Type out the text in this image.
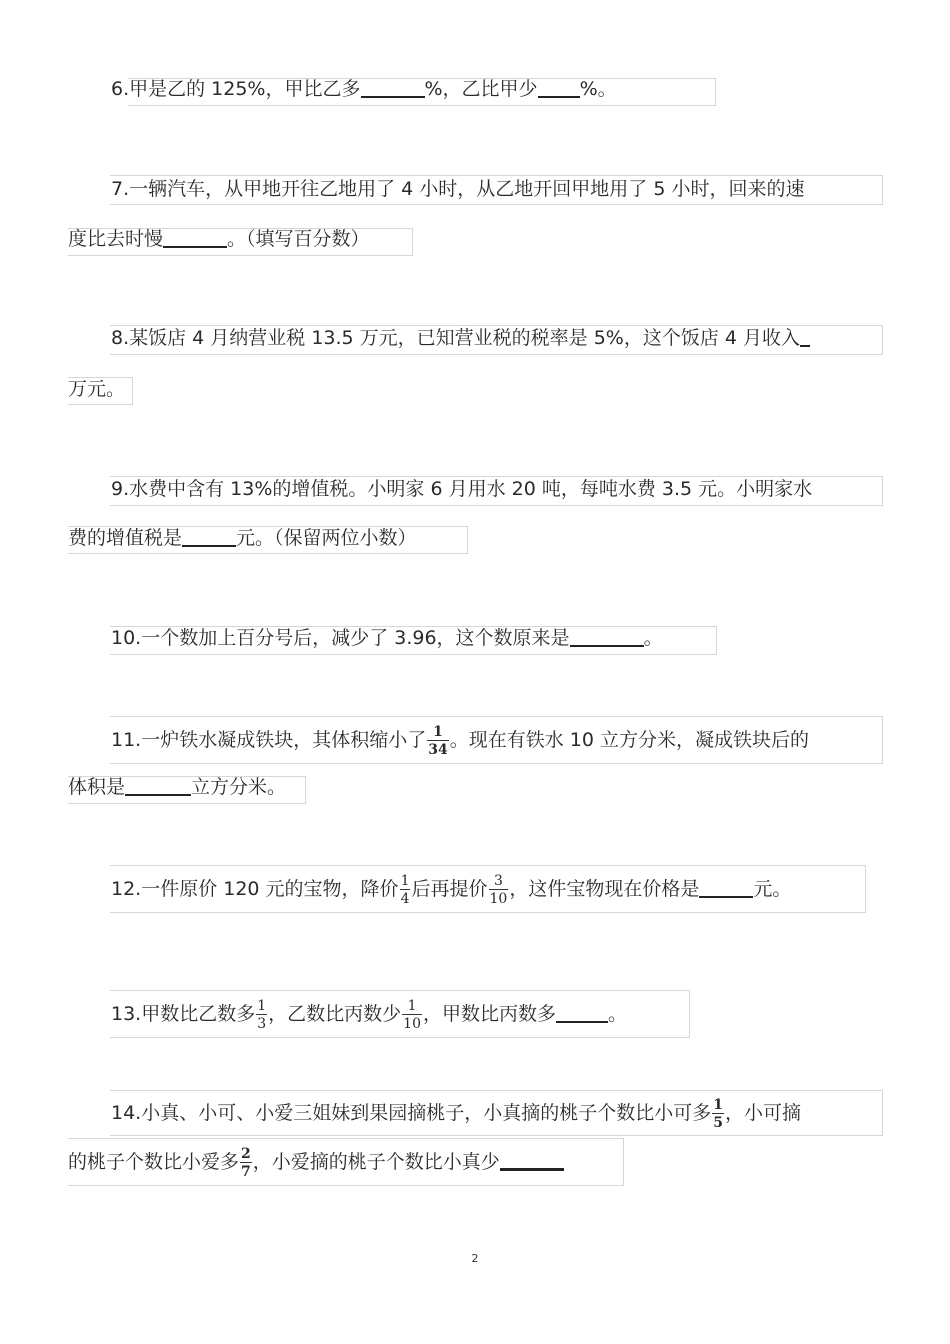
6.甲是乙的 125%，甲比乙多	%，乙比甲少 %。
7.一辆汽车，从甲地开往乙地用了 4 小时，从乙地开回甲地用了 5 小时，回来的速
度比去时慢	。（填写百分数）
8.某饭店 4 月纳营业税 13.5 万元，已知营业税的税率是 5%，这个饭店 4 月收入
万元。
9.水费中含有 13%的增值税。小明家 6 月用水 20 吨，每吨水费 3.5 元。小明家水
费的增值税是	元。（保留两位小数）
10.一个数加上百分号后，减少了 3.96，这个数原来是	。
11.一炉铁水凝成铁块，其体积缩小了 $\frac{1}{34}$ 。现在有铁水 10 立方分米，凝成铁块后的
体积是	立方分米。
12.一件原价 120 元的宝物，降价 $\frac{1}{4}$ 后再提价 $\frac{3}{10}$ ，这件宝物现在价格是	元。
13.甲数比乙数多 $\frac{1}{3}$ ，乙数比丙数少 $\frac{1}{10}$ ，甲数比丙数多	。
14.小真、小可、小爱三姐妹到果园摘桃子，小真摘的桃子个数比小可多 $\frac{1}{5}$ ，小可摘
的桃子个数比小爱多 $\frac{2}{7}$ ，小爱摘的桃子个数比小真少
2
